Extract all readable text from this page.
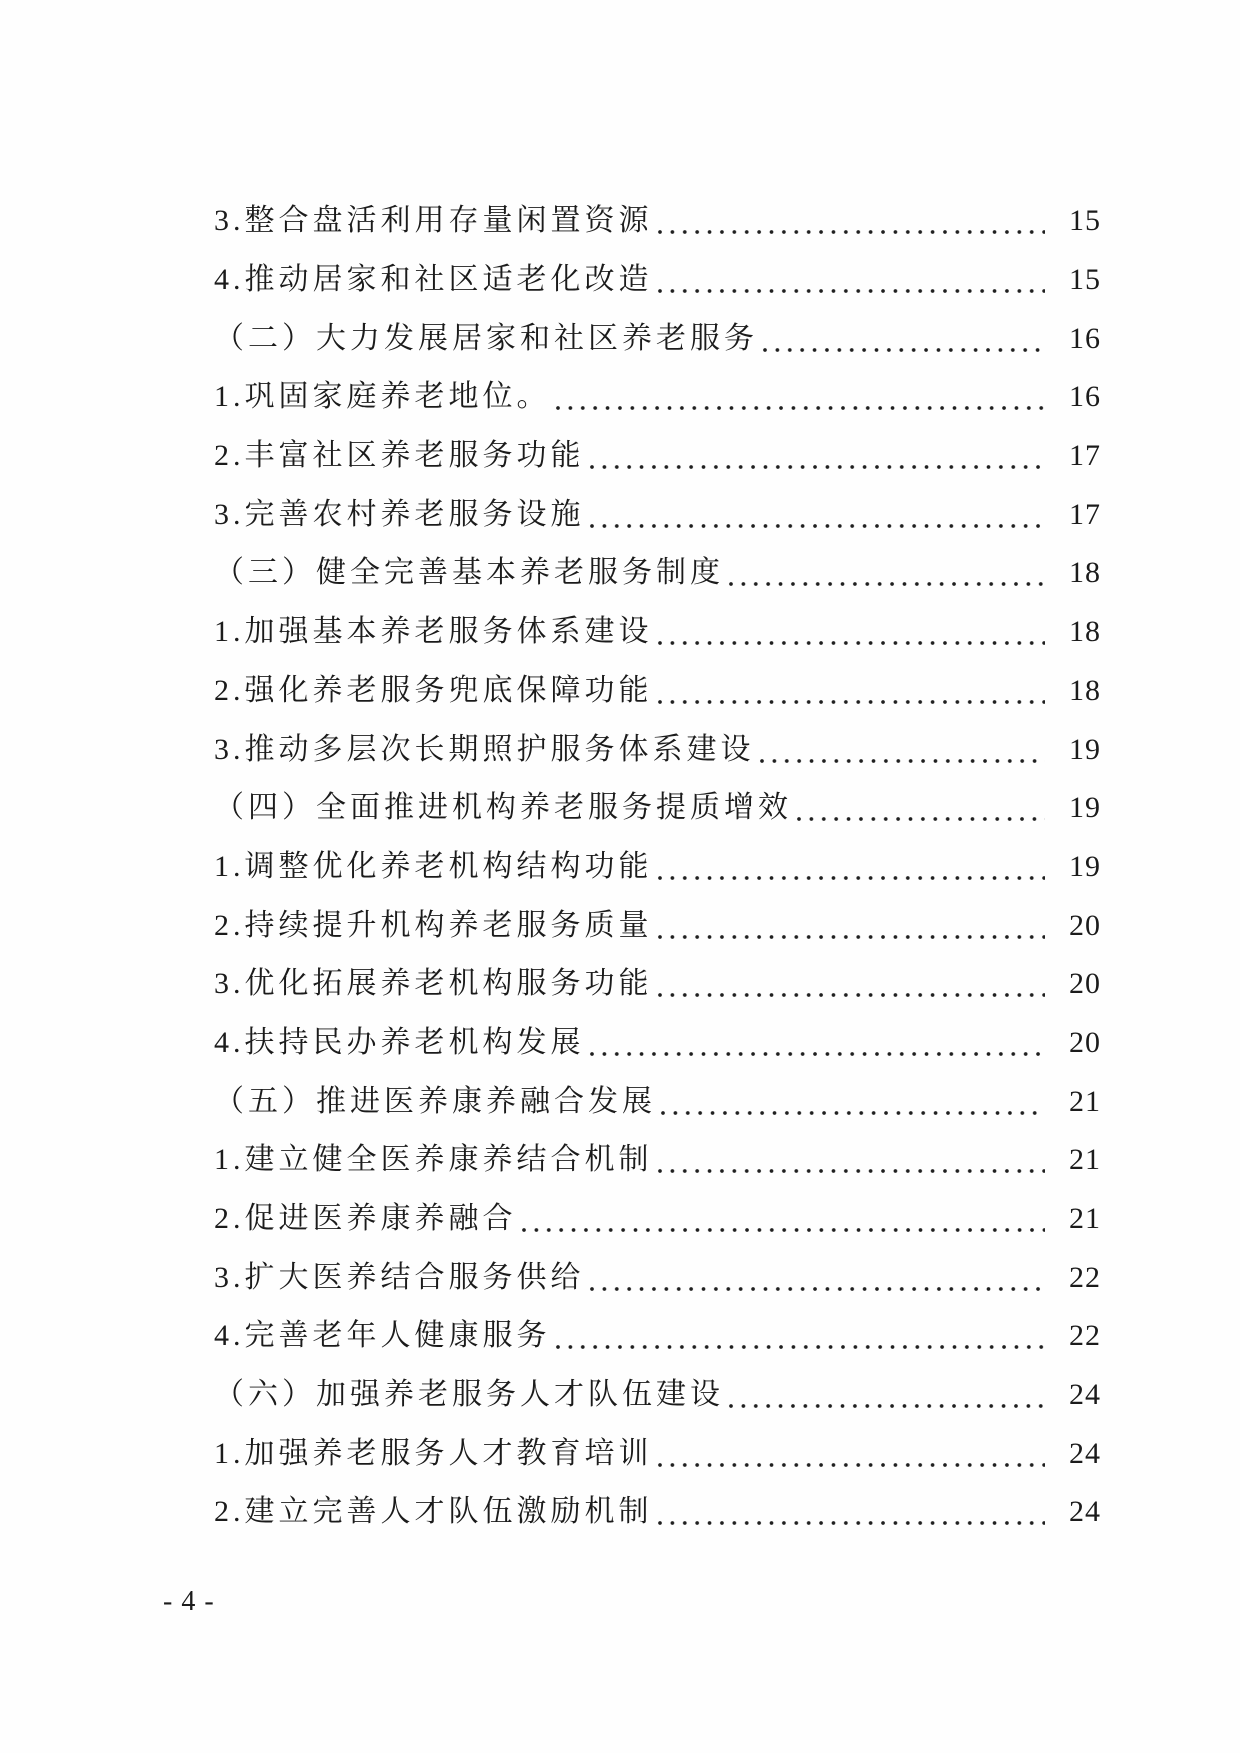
3.整合盘活利用存量闲置资源	15
4.推动居家和社区适老化改造	15
（二）大力发展居家和社区养老服务	16
1.巩固家庭养老地位。	16
2.丰富社区养老服务功能	17
3.完善农村养老服务设施	17
（三）健全完善基本养老服务制度	18
1.加强基本养老服务体系建设	18
2.强化养老服务兜底保障功能	18
3.推动多层次长期照护服务体系建设	19
（四）全面推进机构养老服务提质增效	19
1.调整优化养老机构结构功能	19
2.持续提升机构养老服务质量	20
3.优化拓展养老机构服务功能	20
4.扶持民办养老机构发展	20
（五）推进医养康养融合发展	21
1.建立健全医养康养结合机制	21
2.促进医养康养融合	21
3.扩大医养结合服务供给	22
4.完善老年人健康服务	22
（六）加强养老服务人才队伍建设	24
1.加强养老服务人才教育培训	24
2.建立完善人才队伍激励机制	24
- 4 -
